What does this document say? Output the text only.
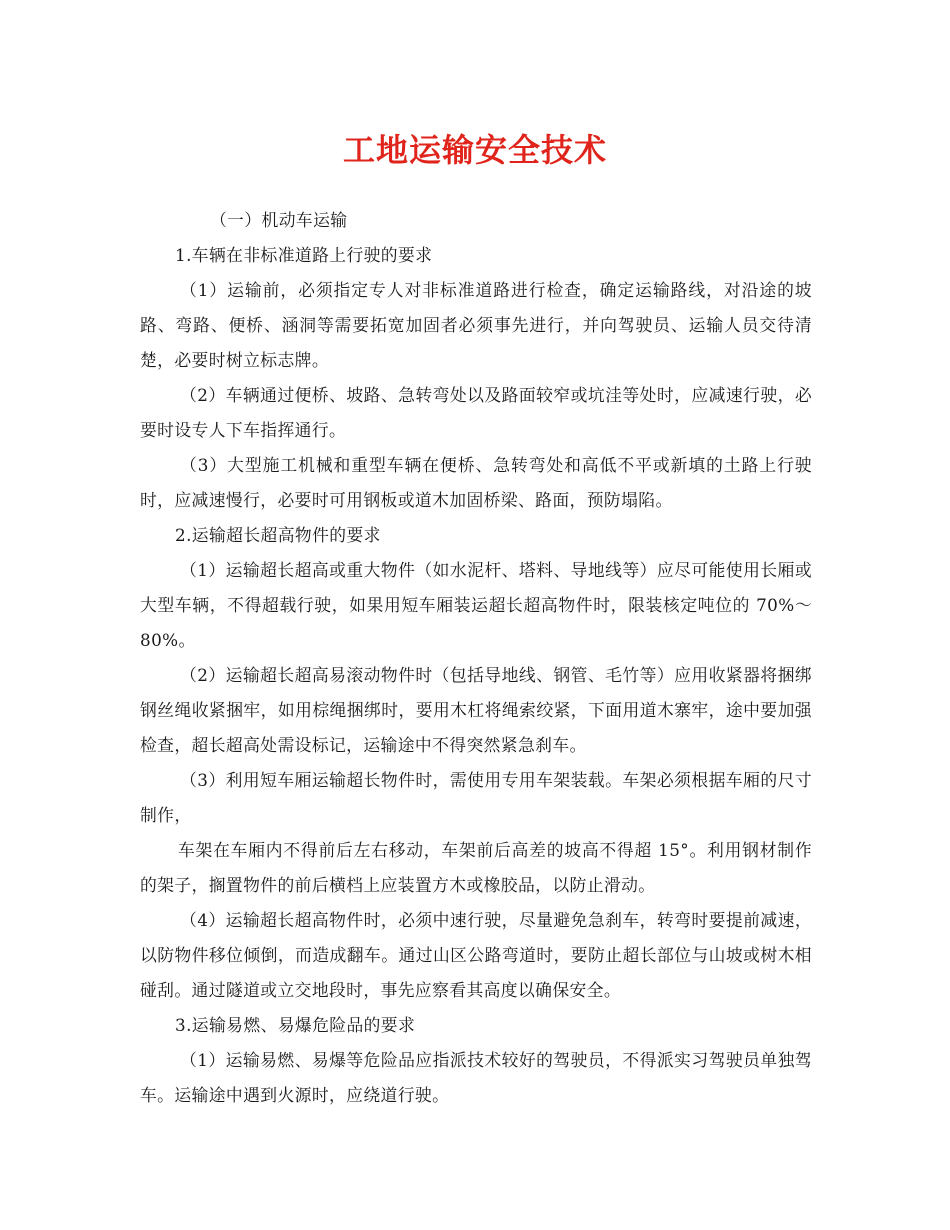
工地运输安全技术

（一）机动车运输

1.车辆在非标准道路上行驶的要求

（1）运输前，必须指定专人对非标准道路进行检查，确定运输路线，对沿途的坡路、弯路、便桥、涵洞等需要拓宽加固者必须事先进行，并向驾驶员、运输人员交待清楚，必要时树立标志牌。

（2）车辆通过便桥、坡路、急转弯处以及路面较窄或坑洼等处时，应减速行驶，必要时设专人下车指挥通行。

（3）大型施工机械和重型车辆在便桥、急转弯处和高低不平或新填的土路上行驶时，应减速慢行，必要时可用钢板或道木加固桥梁、路面，预防塌陷。

2.运输超长超高物件的要求

（1）运输超长超高或重大物件（如水泥杆、塔料、导地线等）应尽可能使用长厢或大型车辆，不得超载行驶，如果用短车厢装运超长超高物件时，限装核定吨位的 70%～80%。

（2）运输超长超高易滚动物件时（包括导地线、钢管、毛竹等）应用收紧器将捆绑钢丝绳收紧捆牢，如用棕绳捆绑时，要用木杠将绳索绞紧，下面用道木寨牢，途中要加强检查，超长超高处需设标记，运输途中不得突然紧急刹车。

（3）利用短车厢运输超长物件时，需使用专用车架装载。车架必须根据车厢的尺寸制作，

车架在车厢内不得前后左右移动，车架前后高差的坡高不得超 15°。利用钢材制作的架子，搁置物件的前后横档上应装置方木或橡胶品，以防止滑动。

（4）运输超长超高物件时，必须中速行驶，尽量避免急刹车，转弯时要提前减速，以防物件移位倾倒，而造成翻车。通过山区公路弯道时，要防止超长部位与山坡或树木相碰刮。通过隧道或立交地段时，事先应察看其高度以确保安全。

3.运输易燃、易爆危险品的要求

（1）运输易燃、易爆等危险品应指派技术较好的驾驶员，不得派实习驾驶员单独驾车。运输途中遇到火源时，应绕道行驶。
